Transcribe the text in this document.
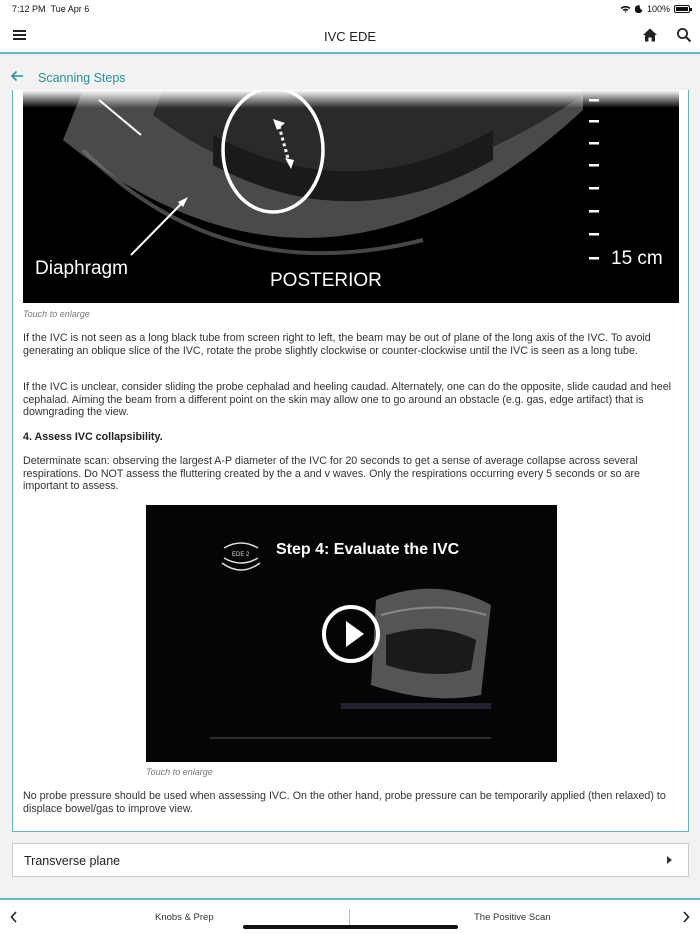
7:12 PM Tue Apr 6	100%
IVC EDE
Scanning Steps
Diaphragm
POSTERIOR
15 cm
Touch to enlarge
If the IVC is not seen as a long black tube from screen right to left, the beam may be out of plane of the long axis of the IVC. To avoid generating an oblique slice of the IVC, rotate the probe slightly clockwise or counter-clockwise until the IVC is seen as a long tube.
If the IVC is unclear, consider sliding the probe cephalad and heeling caudad. Alternately, one can do the opposite, slide caudad and heel cephalad. Aiming the beam from a different point on the skin may allow one to go around an obstacle (e.g. gas, edge artifact) that is downgrading the view.
4. Assess IVC collapsibility.
Determinate scan: observing the largest A-P diameter of the IVC for 20 seconds to get a sense of average collapse across several respirations. Do NOT assess the fluttering created by the a and v waves. Only the respirations occurring every 5 seconds or so are important to assess.
EDE 2 Step 4: Evaluate the IVC
Touch to enlarge
No probe pressure should be used when assessing IVC. On the other hand, probe pressure can be temporarily applied (then relaxed) to displace bowel/gas to improve view.
Transverse plane
Knobs & Prep	The Positive Scan
